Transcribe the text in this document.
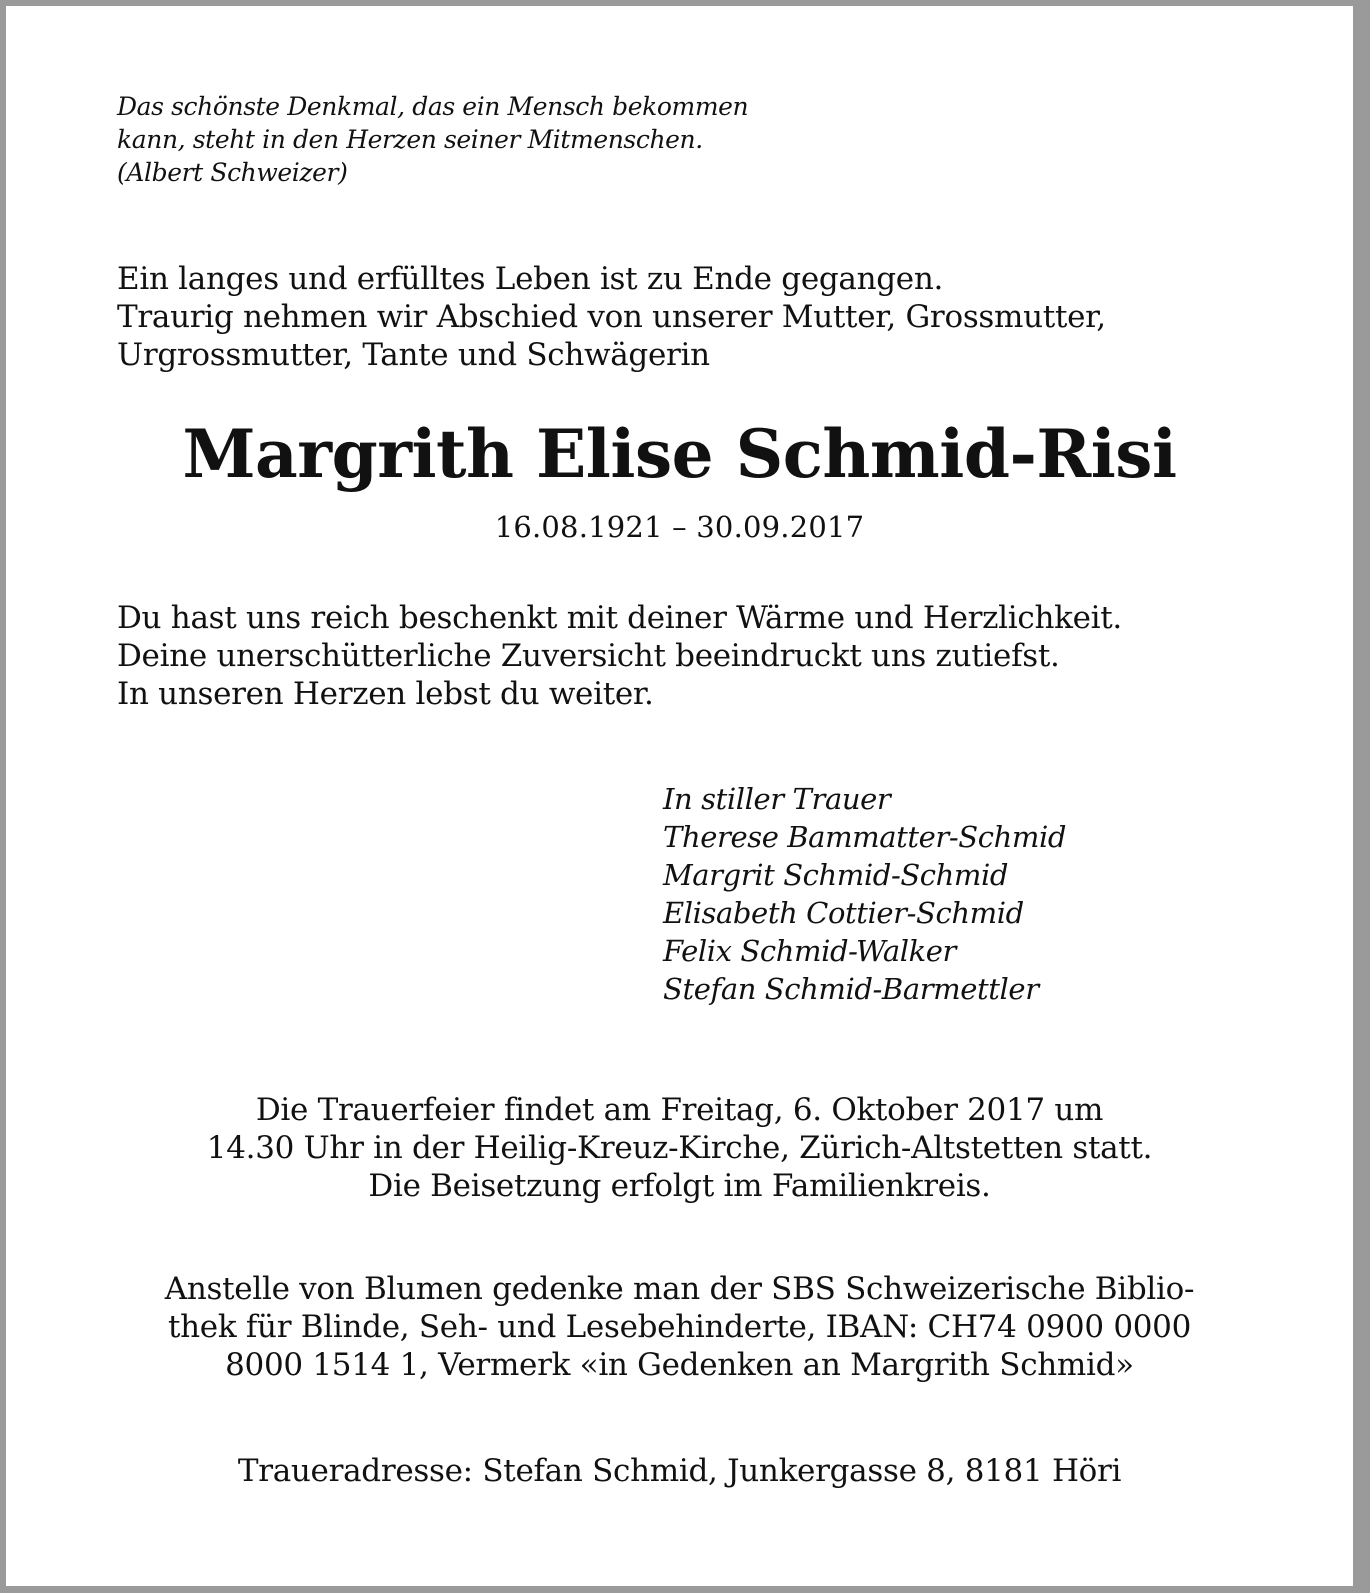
Das schönste Denkmal, das ein Mensch bekommen
kann, steht in den Herzen seiner Mitmenschen.
(Albert Schweizer)

Ein langes und erfülltes Leben ist zu Ende gegangen.
Traurig nehmen wir Abschied von unserer Mutter, Grossmutter,
Urgrossmutter, Tante und Schwägerin

Margrith Elise Schmid-Risi

16.08.1921 – 30.09.2017

Du hast uns reich beschenkt mit deiner Wärme und Herzlichkeit.
Deine unerschütterliche Zuversicht beeindruckt uns zutiefst.
In unseren Herzen lebst du weiter.

In stiller Trauer
Therese Bammatter-Schmid
Margrit Schmid-Schmid
Elisabeth Cottier-Schmid
Felix Schmid-Walker
Stefan Schmid-Barmettler

Die Trauerfeier findet am Freitag, 6. Oktober 2017 um
14.30 Uhr in der Heilig-Kreuz-Kirche, Zürich-Altstetten statt.
Die Beisetzung erfolgt im Familienkreis.

Anstelle von Blumen gedenke man der SBS Schweizerische Biblio-
thek für Blinde, Seh- und Lesebehinderte, IBAN: CH74 0900 0000
8000 1514 1, Vermerk «in Gedenken an Margrith Schmid»

Traueradresse: Stefan Schmid, Junkergasse 8, 8181 Höri
